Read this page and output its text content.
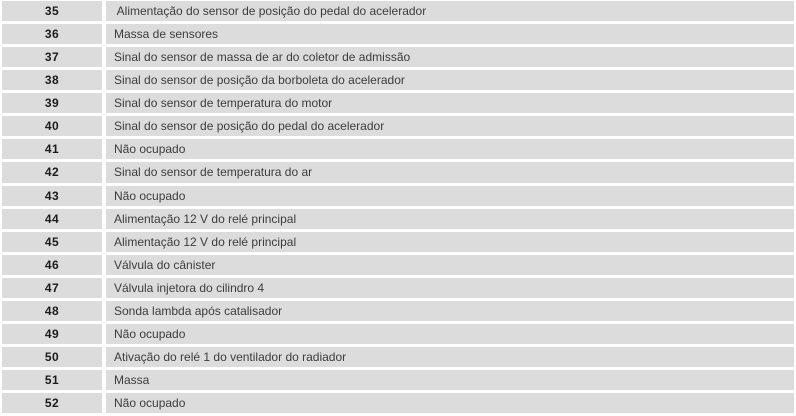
35	Alimentação do sensor de posição do pedal do acelerador
36	Massa de sensores
37	Sinal do sensor de massa de ar do coletor de admissão
38	Sinal do sensor de posição da borboleta do acelerador
39	Sinal do sensor de temperatura do motor
40	Sinal do sensor de posição do pedal do acelerador
41	Não ocupado
42	Sinal do sensor de temperatura do ar
43	Não ocupado
44	Alimentação 12 V do relé principal
45	Alimentação 12 V do relé principal
46	Válvula do cânister
47	Válvula injetora do cilindro 4
48	Sonda lambda após catalisador
49	Não ocupado
50	Ativação do relé 1 do ventilador do radiador
51	Massa
52	Não ocupado
